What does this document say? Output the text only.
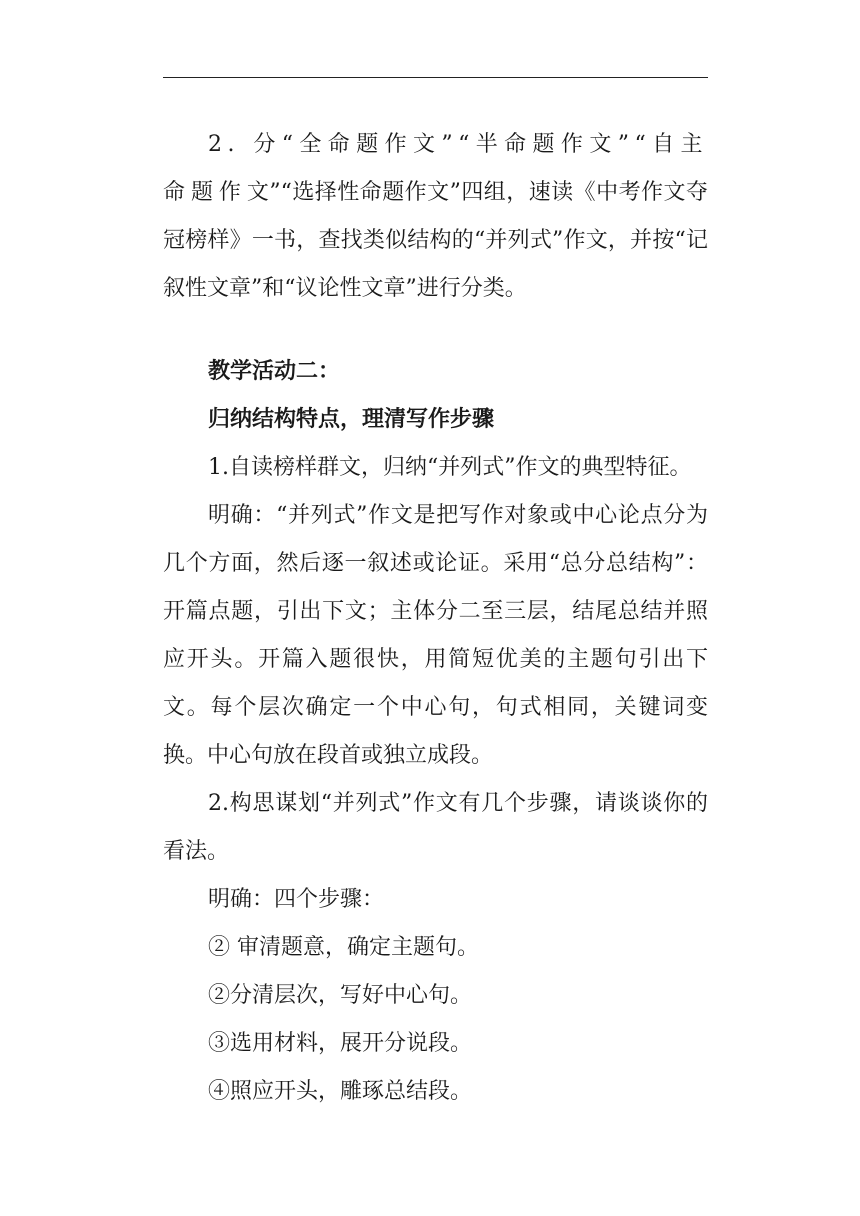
2. 分“全命题作文”“半命题作文”“自主命题作文”“选择性命题作文”四组，速读《中考作文夺冠榜样》一书，查找类似结构的“并列式”作文，并按“记叙性文章”和“议论性文章”进行分类。

教学活动二：

归纳结构特点，理清写作步骤

1.自读榜样群文，归纳“并列式”作文的典型特征。

明确：“并列式”作文是把写作对象或中心论点分为几个方面，然后逐一叙述或论证。采用“总分总结构”：开篇点题，引出下文；主体分二至三层，结尾总结并照应开头。开篇入题很快，用简短优美的主题句引出下文。每个层次确定一个中心句，句式相同，关键词变换。中心句放在段首或独立成段。

2.构思谋划“并列式”作文有几个步骤，请谈谈你的看法。

明确：四个步骤：

② 审清题意，确定主题句。

②分清层次，写好中心句。

③选用材料，展开分说段。

④照应开头，雕琢总结段。
